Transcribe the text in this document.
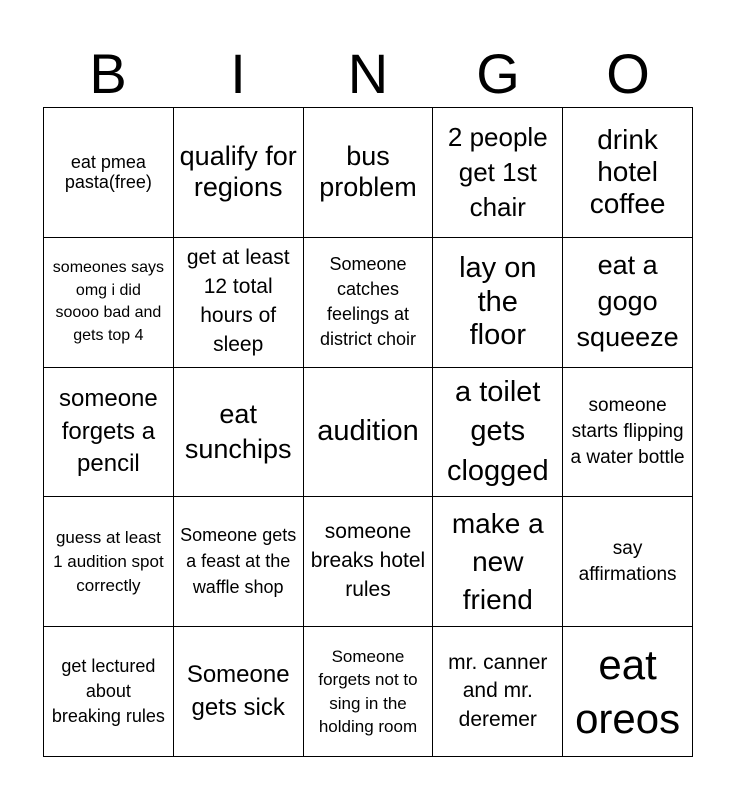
B	I	N	G	O
eat pmea pasta(free)	qualify for regions	bus problem	2 people get 1st chair	drink hotel coffee
someones says omg i did soooo bad and gets top 4	get at least 12 total hours of sleep	Someone catches feelings at district choir	lay on the floor	eat a gogo squeeze
someone forgets a pencil	eat sunchips	audition	a toilet gets clogged	someone starts flipping a water bottle
guess at least 1 audition spot correctly	Someone gets a feast at the waffle shop	someone breaks hotel rules	make a new friend	say affirmations
get lectured about breaking rules	Someone gets sick	Someone forgets not to sing in the holding room	mr. canner and mr. deremer	eat oreos
